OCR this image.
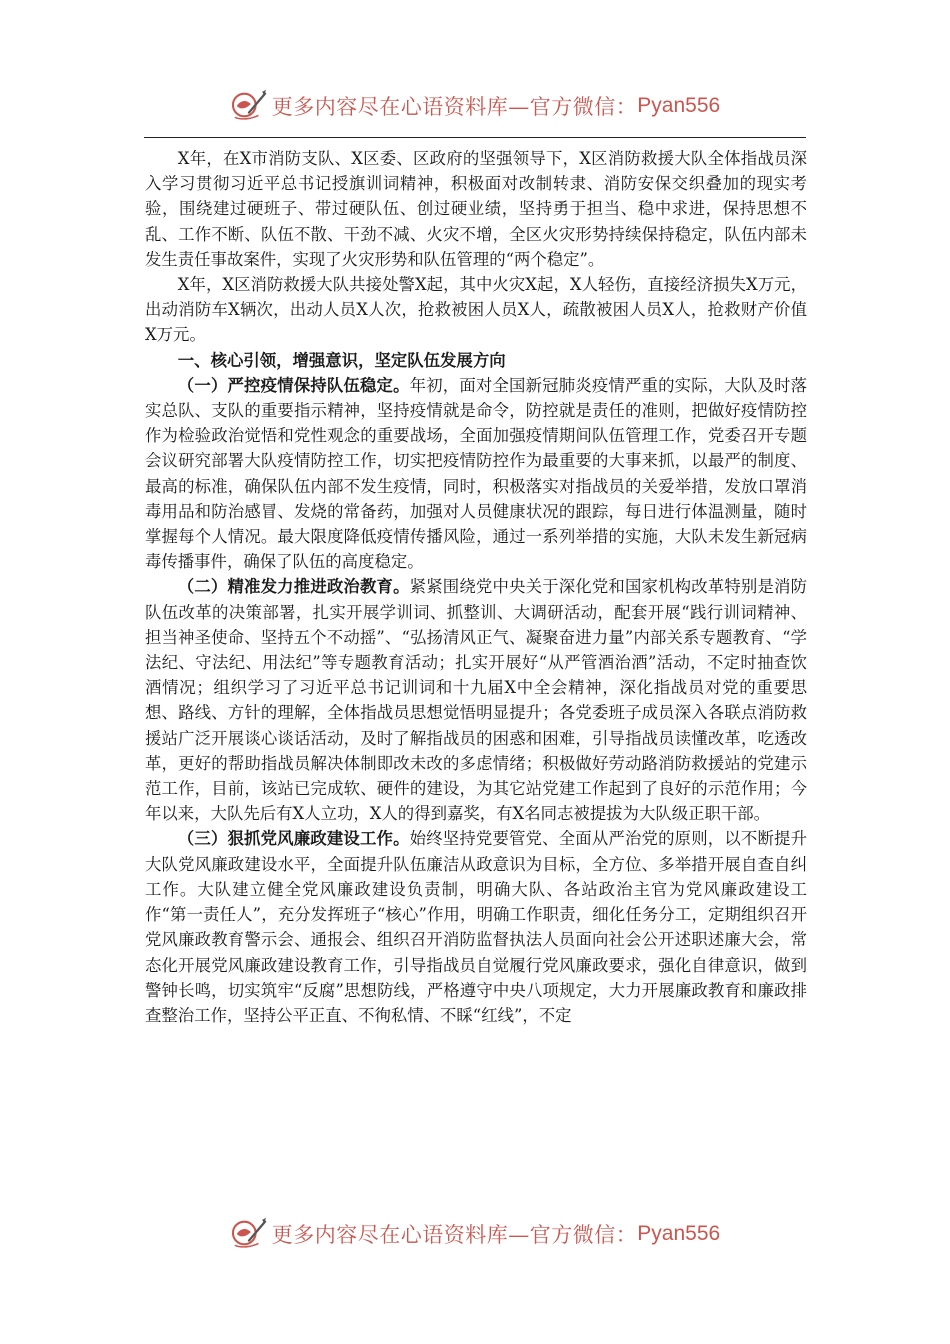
更多内容尽在心语资料库—官方微信： Pyan556

X年，在X市消防支队、X区委、区政府的坚强领导下，X区消防救援大队全体指战员深入学习贯彻习近平总书记授旗训词精神，积极面对改制转隶、消防安保交织叠加的现实考验，围绕建过硬班子、带过硬队伍、创过硬业绩，坚持勇于担当、稳中求进，保持思想不乱、工作不断、队伍不散、干劲不减、火灾不增，全区火灾形势持续保持稳定，队伍内部未发生责任事故案件，实现了火灾形势和队伍管理的“两个稳定”。

X年，X区消防救援大队共接处警X起，其中火灾X起，X人轻伤，直接经济损失X万元，出动消防车X辆次，出动人员X人次，抢救被困人员X人，疏散被困人员X人，抢救财产价值X万元。

一、核心引领，增强意识，坚定队伍发展方向

（一）严控疫情保持队伍稳定。年初，面对全国新冠肺炎疫情严重的实际，大队及时落实总队、支队的重要指示精神，坚持疫情就是命令，防控就是责任的准则，把做好疫情防控作为检验政治觉悟和党性观念的重要战场，全面加强疫情期间队伍管理工作，党委召开专题会议研究部署大队疫情防控工作，切实把疫情防控作为最重要的大事来抓，以最严的制度、最高的标准，确保队伍内部不发生疫情，同时，积极落实对指战员的关爱举措，发放口罩消毒用品和防治感冒、发烧的常备药，加强对人员健康状况的跟踪，每日进行体温测量，随时掌握每个人情况。最大限度降低疫情传播风险，通过一系列举措的实施，大队未发生新冠病毒传播事件，确保了队伍的高度稳定。

（二）精准发力推进政治教育。紧紧围绕党中央关于深化党和国家机构改革特别是消防队伍改革的决策部署，扎实开展学训词、抓整训、大调研活动，配套开展“践行训词精神、担当神圣使命、坚持五个不动摇”、“弘扬清风正气、凝聚奋进力量”内部关系专题教育、“学法纪、守法纪、用法纪”等专题教育活动；扎实开展好“从严管酒治酒”活动，不定时抽查饮酒情况；组织学习了习近平总书记训词和十九届X中全会精神，深化指战员对党的重要思想、路线、方针的理解，全体指战员思想觉悟明显提升；各党委班子成员深入各联点消防救援站广泛开展谈心谈话活动，及时了解指战员的困惑和困难，引导指战员读懂改革，吃透改革，更好的帮助指战员解决体制即改未改的多虑情绪；积极做好劳动路消防救援站的党建示范工作，目前，该站已完成软、硬件的建设，为其它站党建工作起到了良好的示范作用；今年以来，大队先后有X人立功，X人的得到嘉奖，有X名同志被提拔为大队级正职干部。

（三）狠抓党风廉政建设工作。始终坚持党要管党、全面从严治党的原则，以不断提升大队党风廉政建设水平，全面提升队伍廉洁从政意识为目标，全方位、多举措开展自查自纠工作。大队建立健全党风廉政建设负责制，明确大队、各站政治主官为党风廉政建设工作“第一责任人”，充分发挥班子“核心”作用，明确工作职责，细化任务分工，定期组织召开党风廉政教育警示会、通报会、组织召开消防监督执法人员面向社会公开述职述廉大会，常态化开展党风廉政建设教育工作，引导指战员自觉履行党风廉政要求，强化自律意识，做到警钟长鸣，切实筑牢“反腐”思想防线，严格遵守中央八项规定，大力开展廉政教育和廉政排查整治工作，坚持公平正直、不徇私情、不睬“红线”，不定

更多内容尽在心语资料库—官方微信： Pyan556
